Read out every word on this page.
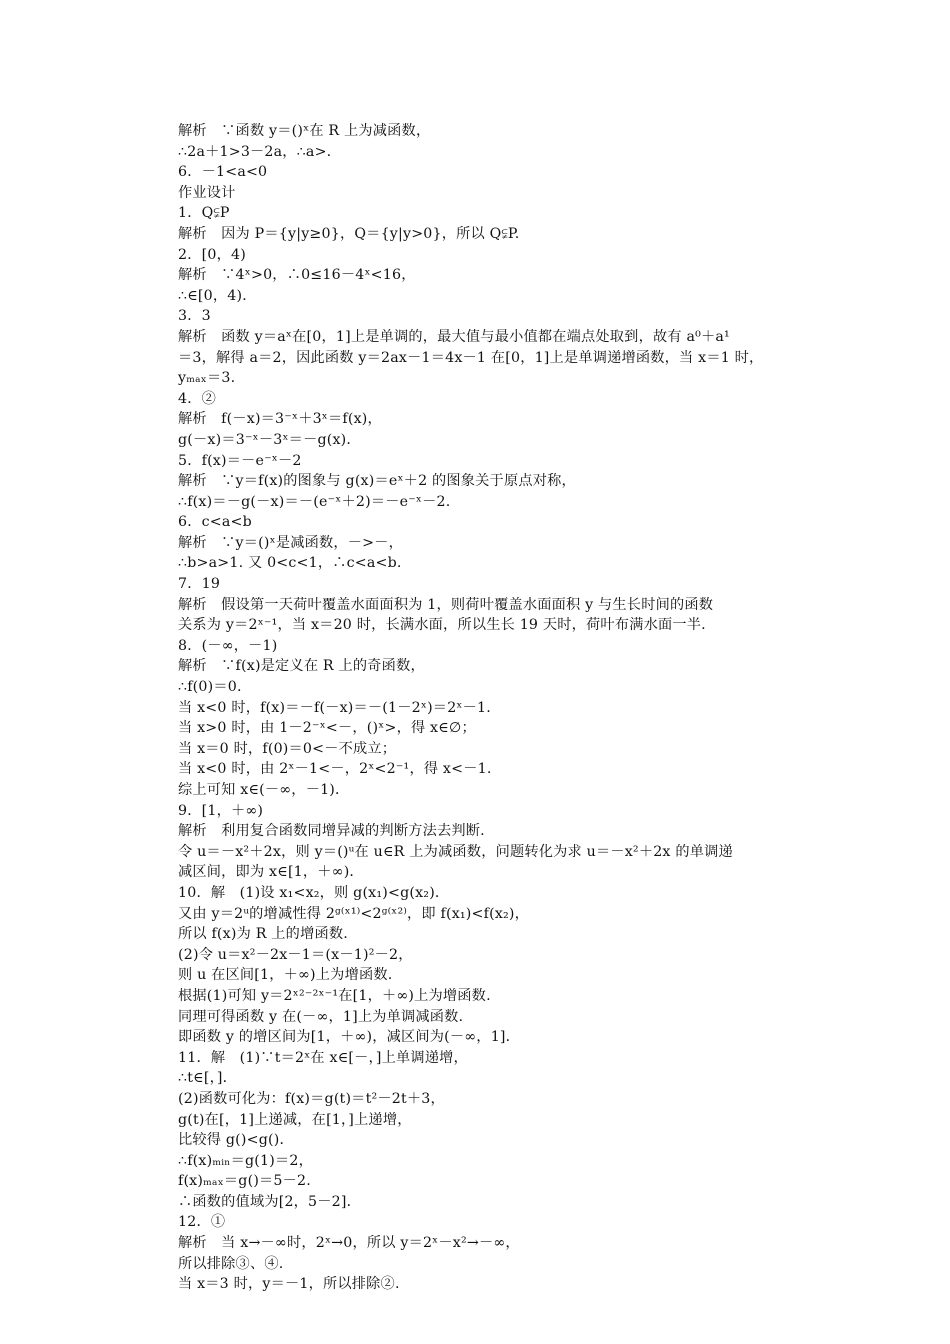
解析　∵函数 y＝()ˣ在 R 上为减函数，
∴2a＋1>3－2a，∴a>.
6．－1<a<0
作业设计
1．Q⫋P
解析　因为 P＝{y|y≥0}，Q＝{y|y>0}，所以 Q⫋P.
2．[0，4)
解析　∵4ˣ>0，∴0≤16－4ˣ<16，
∴∈[0，4)．
3．3
解析　函数 y＝aˣ在[0，1]上是单调的，最大值与最小值都在端点处取到，故有 a⁰＋a¹
＝3，解得 a＝2，因此函数 y＝2ax－1＝4x－1 在[0，1]上是单调递增函数，当 x＝1 时，
yₘₐₓ＝3.
4．②
解析　f(－x)＝3⁻ˣ＋3ˣ＝f(x)，
g(－x)＝3⁻ˣ－3ˣ＝－g(x)．
5．f(x)＝－e⁻ˣ－2
解析　∵y＝f(x)的图象与 g(x)＝eˣ＋2 的图象关于原点对称，
∴f(x)＝－g(－x)＝－(e⁻ˣ＋2)＝－e⁻ˣ－2.
6．c<a<b
解析　∵y＝()ˣ是减函数，－>－，
∴b>a>1. 又 0<c<1，∴c<a<b.
7．19
解析　假设第一天荷叶覆盖水面面积为 1，则荷叶覆盖水面面积 y 与生长时间的函数
关系为 y＝2ˣ⁻¹，当 x＝20 时，长满水面，所以生长 19 天时，荷叶布满水面一半.
8．(－∞，－1)
解析　∵f(x)是定义在 R 上的奇函数，
∴f(0)＝0.
当 x<0 时，f(x)＝－f(－x)＝－(1－2ˣ)＝2ˣ－1.
当 x>0 时，由 1－2⁻ˣ<－，()ˣ>，得 x∈∅；
当 x＝0 时，f(0)＝0<－不成立；
当 x<0 时，由 2ˣ－1<－，2ˣ<2⁻¹，得 x<－1.
综上可知 x∈(－∞，－1)．
9．[1，＋∞)
解析　利用复合函数同增异减的判断方法去判断.
令 u＝－x²＋2x，则 y＝()ᵘ在 u∈R 上为减函数，问题转化为求 u＝－x²＋2x 的单调递
减区间，即为 x∈[1，＋∞)．
10．解　(1)设 x₁<x₂，则 g(x₁)<g(x₂)．
又由 y＝2ᵘ的增减性得 2ᵍ⁽ˣ¹⁾<2ᵍ⁽ˣ²⁾，即 f(x₁)<f(x₂)，
所以 f(x)为 R 上的增函数.
(2)令 u＝x²－2x－1＝(x－1)²－2，
则 u 在区间[1，＋∞)上为增函数.
根据(1)可知 y＝2ˣ²⁻²ˣ⁻¹在[1，＋∞)上为增函数.
同理可得函数 y 在(－∞，1]上为单调减函数.
即函数 y 的增区间为[1，＋∞)，减区间为(－∞，1]．
11．解　(1)∵t＝2ˣ在 x∈[－，]上单调递增，
∴t∈[，]．
(2)函数可化为：f(x)＝g(t)＝t²－2t＋3，
g(t)在[，1]上递减，在[1，]上递增，
比较得 g()<g()．
∴f(x)ₘᵢₙ＝g(1)＝2，
f(x)ₘₐₓ＝g()＝5－2.
∴函数的值域为[2，5－2]．
12．①
解析　当 x→－∞时，2ˣ→0，所以 y＝2ˣ－x²→－∞，
所以排除③、④.
当 x＝3 时，y＝－1，所以排除②.
